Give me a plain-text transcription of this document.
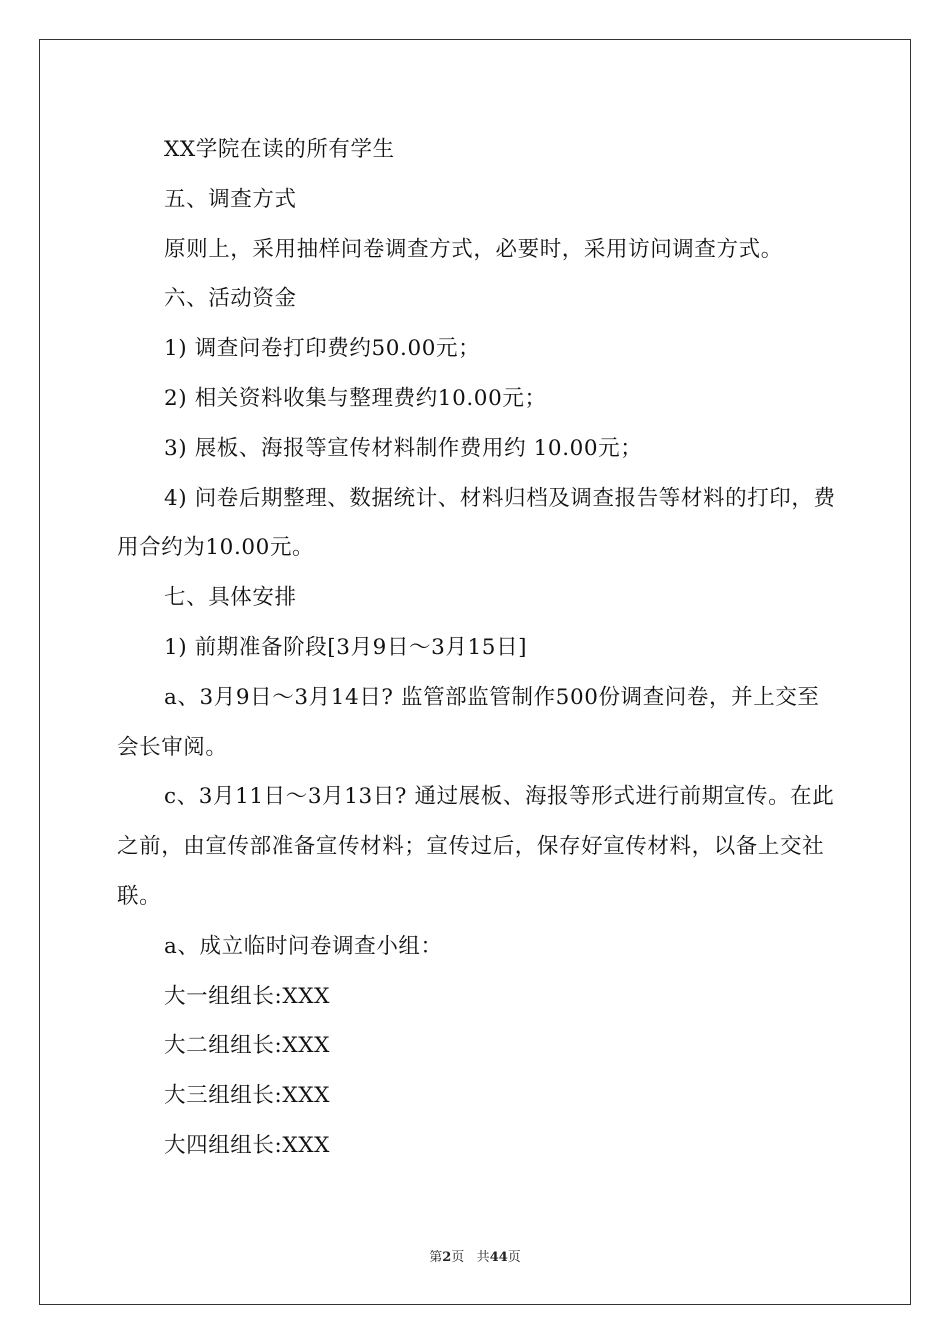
XX学院在读的所有学生

五、调查方式

原则上，采用抽样问卷调查方式，必要时，采用访问调查方式。

六、活动资金

1) 调查问卷打印费约50.00元；

2) 相关资料收集与整理费约10.00元；

3) 展板、海报等宣传材料制作费用约 10.00元；

4) 问卷后期整理、数据统计、材料归档及调查报告等材料的打印，费用合约为10.00元。

七、具体安排

1) 前期准备阶段[3月9日～3月15日]

a、3月9日～3月14日? 监管部监管制作500份调查问卷，并上交至会长审阅。

c、3月11日～3月13日? 通过展板、海报等形式进行前期宣传。在此之前，由宣传部准备宣传材料；宣传过后，保存好宣传材料，以备上交社联。

a、成立临时问卷调查小组：

大一组组长:XXX

大二组组长:XXX

大三组组长:XXX

大四组组长:XXX

第2页 共44页
